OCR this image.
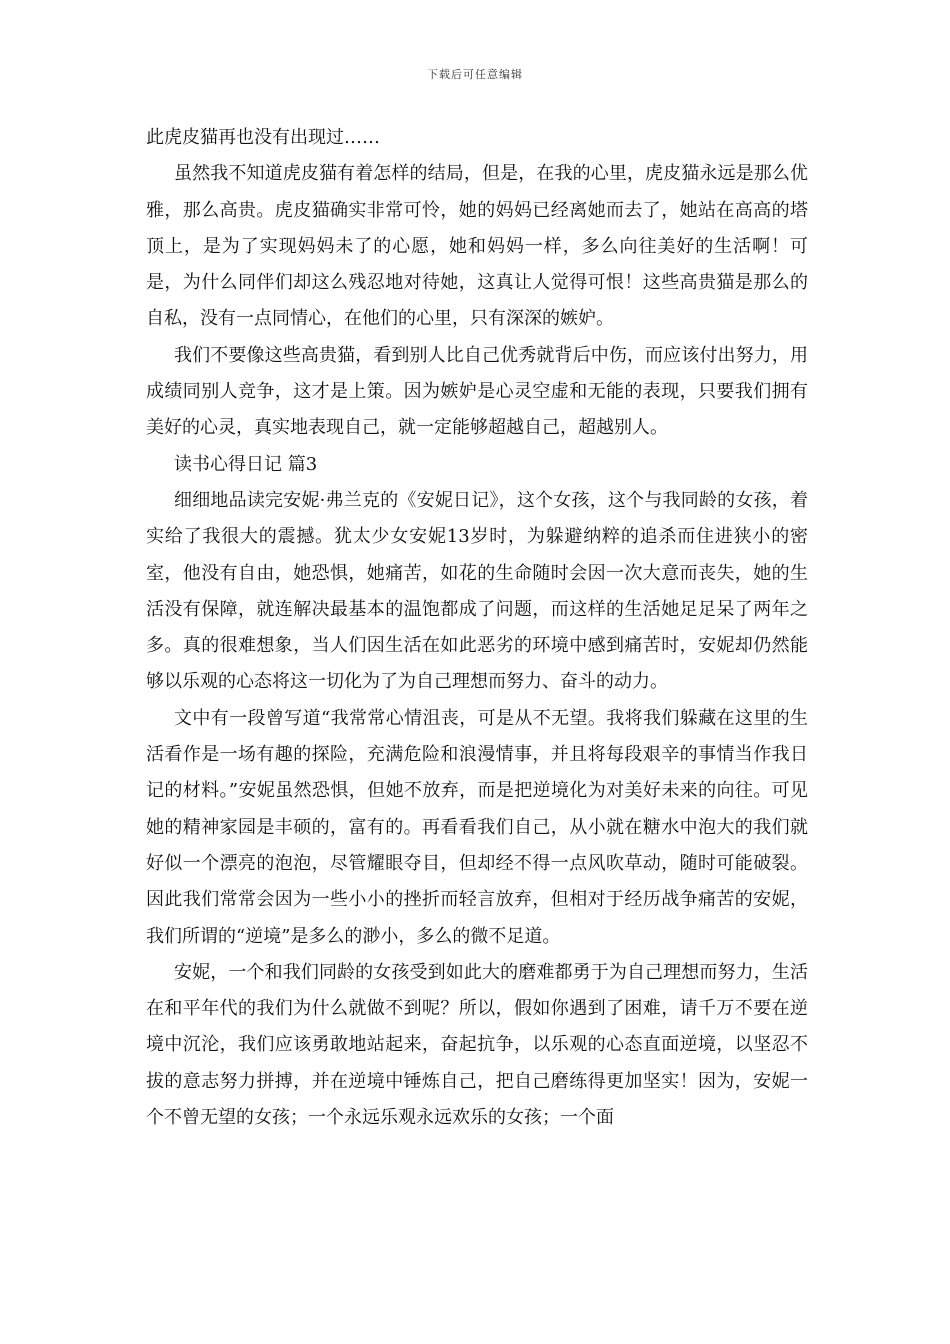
下载后可任意编辑

此虎皮猫再也没有出现过……

虽然我不知道虎皮猫有着怎样的结局，但是，在我的心里，虎皮猫永远是那么优雅，那么高贵。虎皮猫确实非常可怜，她的妈妈已经离她而去了，她站在高高的塔顶上，是为了实现妈妈未了的心愿，她和妈妈一样，多么向往美好的生活啊！可是，为什么同伴们却这么残忍地对待她，这真让人觉得可恨！这些高贵猫是那么的自私，没有一点同情心，在他们的心里，只有深深的嫉妒。

我们不要像这些高贵猫，看到别人比自己优秀就背后中伤，而应该付出努力，用成绩同别人竞争，这才是上策。因为嫉妒是心灵空虚和无能的表现，只要我们拥有美好的心灵，真实地表现自己，就一定能够超越自己，超越别人。

读书心得日记 篇3

细细地品读完安妮·弗兰克的《安妮日记》，这个女孩，这个与我同龄的女孩，着实给了我很大的震撼。犹太少女安妮13岁时，为躲避纳粹的追杀而住进狭小的密室，他没有自由，她恐惧，她痛苦，如花的生命随时会因一次大意而丧失，她的生活没有保障，就连解决最基本的温饱都成了问题，而这样的生活她足足呆了两年之多。真的很难想象，当人们因生活在如此恶劣的环境中感到痛苦时，安妮却仍然能够以乐观的心态将这一切化为了为自己理想而努力、奋斗的动力。

文中有一段曾写道“我常常心情沮丧，可是从不无望。我将我们躲藏在这里的生活看作是一场有趣的探险，充满危险和浪漫情事，并且将每段艰辛的事情当作我日记的材料。”安妮虽然恐惧，但她不放弃，而是把逆境化为对美好未来的向往。可见她的精神家园是丰硕的，富有的。再看看我们自己，从小就在糖水中泡大的我们就好似一个漂亮的泡泡，尽管耀眼夺目，但却经不得一点风吹草动，随时可能破裂。因此我们常常会因为一些小小的挫折而轻言放弃，但相对于经历战争痛苦的安妮，我们所谓的“逆境”是多么的渺小，多么的微不足道。

安妮，一个和我们同龄的女孩受到如此大的磨难都勇于为自己理想而努力，生活在和平年代的我们为什么就做不到呢？所以，假如你遇到了困难，请千万不要在逆境中沉沦，我们应该勇敢地站起来，奋起抗争，以乐观的心态直面逆境，以坚忍不拔的意志努力拼搏，并在逆境中锤炼自己，把自己磨练得更加坚实！因为，安妮一个不曾无望的女孩；一个永远乐观永远欢乐的女孩；一个面
